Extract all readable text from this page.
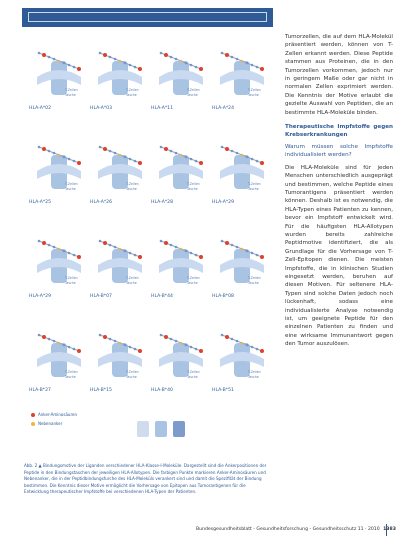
HLA-A*02
T-Zellen
Tasche
HLA-A*03
T-Zellen
Tasche
HLA-A*11
T-Zellen
Tasche
HLA-A*24
T-Zellen
Tasche
HLA-A*25
T-Zellen
Tasche
HLA-A*26
T-Zellen
Tasche
HLA-A*28
T-Zellen
Tasche
HLA-A*29
T-Zellen
Tasche
HLA-A*29
T-Zellen
Tasche
HLA-B*07
T-Zellen
Tasche
HLA-B*44
T-Zellen
Tasche
HLA-B*08
T-Zellen
Tasche
HLA-B*27
T-Zellen
Tasche
HLA-B*15
T-Zellen
Tasche
HLA-B*40
T-Zellen
Tasche
HLA-B*51
T-Zellen
Tasche
Anker-Aminosäuren
Nebenanker
Abb. 2 ▲ Bindungsmotive der Liganden verschiedener HLA-Klasse-I-Moleküle. Dargestellt sind die Ankerpositionen der Peptide in den Bindungstaschen der jeweiligen HLA-Allotypen. Die farbigen Punkte markieren Anker-Aminosäuren und Nebenanker, die in der Peptidbindungsfurche des HLA-Moleküls verankert sind und damit die Spezifität der Bindung bestimmen. Die Kenntnis dieser Motive ermöglicht die Vorhersage von Epitopen aus Tumorantigenen für die Entwicklung therapeutischer Impfstoffe bei verschiedenen HLA-Typen der Patienten.

Tumorzellen, die auf dem HLA-Molekül präsentiert werden, können von T-Zellen erkannt werden. Diese Peptide stammen aus Proteinen, die in den Tumorzellen vorkommen, jedoch nur in geringem Maße oder gar nicht in normalen Zellen exprimiert werden. Die Kenntnis der Motive erlaubt die gezielte Auswahl von Peptiden, die an bestimmte HLA-Moleküle binden.

Therapeutische Impfstoffe gegen Krebserkrankungen

Warum müssen solche Impfstoffe individualisiert werden?

Die HLA-Moleküle sind für jeden Menschen unterschiedlich ausgeprägt und bestimmen, welche Peptide eines Tumorantigens präsentiert werden können. Deshalb ist es notwendig, die HLA-Typen eines Patienten zu kennen, bevor ein Impfstoff entwickelt wird. Für die häufigsten HLA-Allotypen wurden bereits zahlreiche Peptidmotive identifiziert, die als Grundlage für die Vorhersage von T-Zell-Epitopen dienen. Die meisten Impfstoffe, die in klinischen Studien eingesetzt werden, beruhen auf diesen Motiven. Für seltenere HLA-Typen sind solche Daten jedoch noch lückenhaft, sodass eine individualisierte Analyse notwendig ist, um geeignete Peptide für den einzelnen Patienten zu finden und eine wirksame Immunantwort gegen den Tumor auszulösen.

Bundesgesundheitsblatt - Gesundheitsforschung - Gesundheitsschutz 11 · 2010 1383
